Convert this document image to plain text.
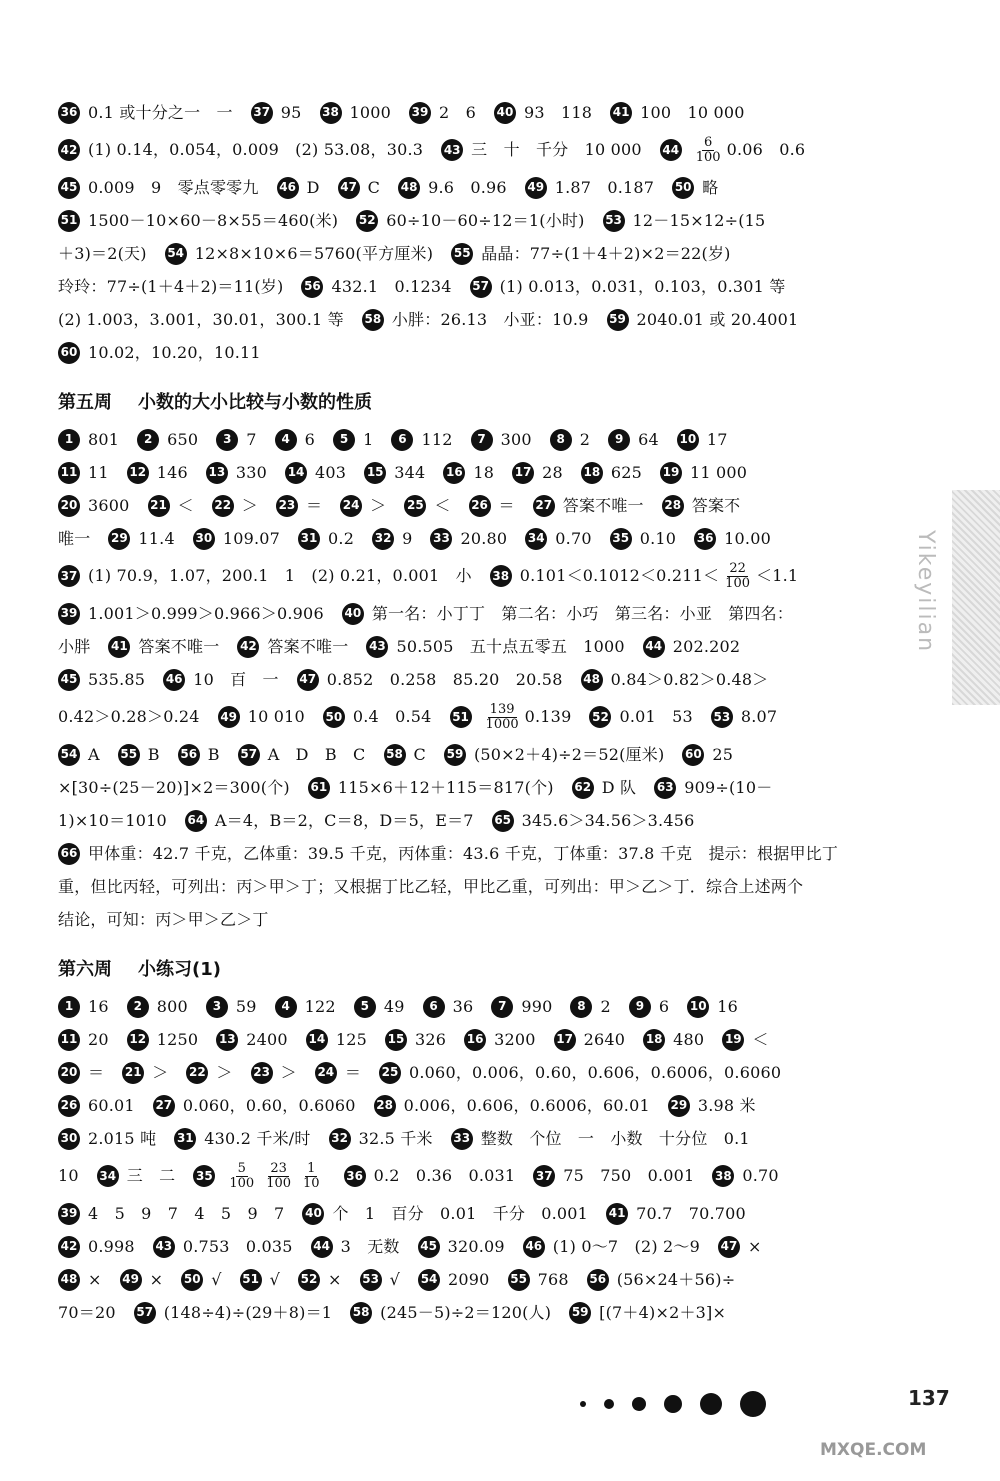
Yikeyilian
36 0.1 或十分之一　一 37 95 38 1000 39 2　6 40 93　118 41 100　10 000
42 (1) 0.14，0.054，0.009　(2) 53.08，30.3 43 三　十　千分　10 000 $44 \frac{6}{100} 0.06$　0.6
45 0.009　9　零点零零九 46 D 47 C 48 9.6　0.96 49 1.87　0.187 50 略
51 1500－10×60－8×55＝460(米) 52 60÷10－60÷12＝1(小时) 53 12－15×12÷(15
＋3)＝2(天) 54 12×8×10×6＝5760(平方厘米) 55 晶晶：77÷(1＋4＋2)×2＝22(岁)
玲玲：77÷(1＋4＋2)＝11(岁) 56 432.1　0.1234 57 (1) 0.013，0.031，0.103，0.301 等
(2) 1.003，3.001，30.01，300.1 等 58 小胖：26.13　小亚：10.9 59 2040.01 或 20.4001
60 10.02，10.20，10.11
第五周 小数的大小比较与小数的性质
1 801	2 650	3 7	4 6	5 1	6 112	7 300	8 2	9 64 10 17
11 11 12 146 13 330 14 403 15 344 16 18 17 28 18 625 19 11 000
20 3600 21 ＜ 22 ＞ 23 ＝ 24 ＞ 25 ＜ 26 ＝ 27 答案不唯一 28 答案不
唯一 29 11.4 30 109.07 31 0.2 32 9 33 20.80 34 0.70 35 0.10 36 10.00
37 (1) 70.9，1.07，200.1　1　(2) 0.21，0.001　小 38 $0.101<0.1012<0.211< \frac{22}{100} <1.1$
39 1.001＞0.999＞0.966＞0.906 40 第一名：小丁丁　第二名：小巧　第三名：小亚　第四名：
小胖 41 答案不唯一 42 答案不唯一 43 50.505　五十点五零五　1000 44 202.202
45 535.85 46 10　百　一 47 0.852　0.258　85.20　20.58 48 0.84＞0.82＞0.48＞
0.42＞0.28＞0.24 49 10 010 50 0.4　0.54 $51 \frac{139}{1000} 0.139$ 52 0.01　53 53 8.07
54 A 55 B 56 B 57 A　D　B　C 58 C 59 (50×2＋4)÷2＝52(厘米) 60 25
×[30÷(25－20)]×2＝300(个) 61 115×6＋12＋115＝817(个) 62 D 队 63 909÷(10－
1)×10＝1010 64 A＝4，B＝2，C＝8，D＝5，E＝7 65 345.6＞34.56＞3.456
66 甲体重：42.7 千克，乙体重：39.5 千克，丙体重：43.6 千克，丁体重：37.8 千克　提示：根据甲比丁
重，但比丙轻，可列出：丙＞甲＞丁；又根据丁比乙轻，甲比乙重，可列出：甲＞乙＞丁．综合上述两个
结论，可知：丙＞甲＞乙＞丁
第六周 小练习(1)
1 16	2 800	3 59	4 122	5 49	6 36	7 990	8 2	9 6 10 16
11 20 12 1250 13 2400 14 125 15 326 16 3200 17 2640 18 480 19 ＜
20 ＝ 21 ＞ 22 ＞ 23 ＞ 24 ＝ 25 0.060，0.006，0.60，0.606，0.6006，0.6060
26 60.01 27 0.060，0.60，0.6060 28 0.006，0.606，0.6006，60.01 29 3.98 米
30 2.015 吨 31 430.2 千米/时 32 32.5 千米 33 整数　个位　一　小数　十分位　0.1
10 34 三　二 $35 \frac{5}{100} \frac{23}{100} \frac{1}{10} 36$ 0.2　0.36　0.031 37 75　750　0.001 38 0.70
39 4　5　9　7　4　5　9　7 40 个　1　百分　0.01　千分　0.001 41 70.7　70.700
42 0.998 43 0.753　0.035 44 3　无数 45 320.09 46 (1) 0～7　(2) 2～9 47 ×
48 × 49 × 50 √ 51 √ 52 × 53 √ 54 2090 55 768 56 (56×24＋56)÷
70＝20 57 (148÷4)÷(29＋8)＝1 58 (245－5)÷2＝120(人) 59 [(7＋4)×2＋3]×
137
MXQE.COM
